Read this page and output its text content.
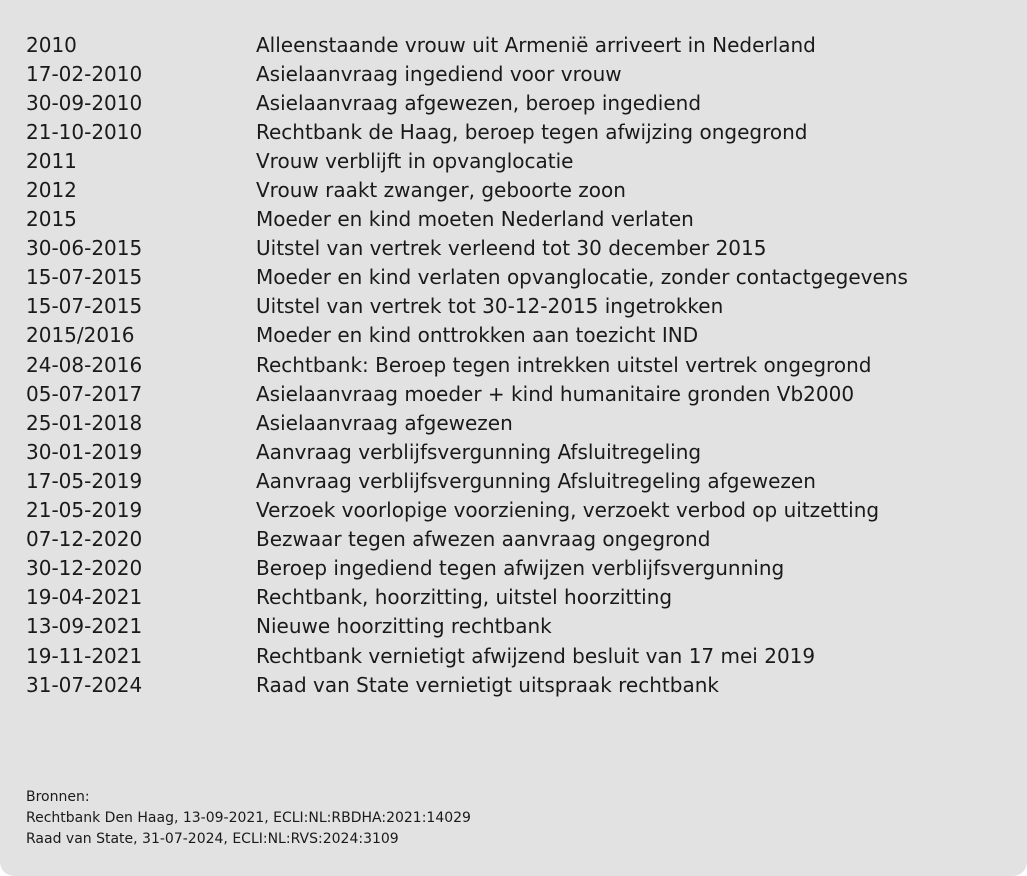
2010	Alleenstaande vrouw uit Armenië arriveert in Nederland
17-02-2010	Asielaanvraag ingediend voor vrouw
30-09-2010	Asielaanvraag afgewezen, beroep ingediend
21-10-2010	Rechtbank de Haag, beroep tegen afwijzing ongegrond
2011	Vrouw verblijft in opvanglocatie
2012	Vrouw raakt zwanger, geboorte zoon
2015	Moeder en kind moeten Nederland verlaten
30-06-2015	Uitstel van vertrek verleend tot 30 december 2015
15-07-2015	Moeder en kind verlaten opvanglocatie, zonder contactgegevens
15-07-2015	Uitstel van vertrek tot 30-12-2015 ingetrokken
2015/2016	Moeder en kind onttrokken aan toezicht IND
24-08-2016	Rechtbank: Beroep tegen intrekken uitstel vertrek ongegrond
05-07-2017	Asielaanvraag moeder + kind humanitaire gronden Vb2000
25-01-2018	Asielaanvraag afgewezen
30-01-2019	Aanvraag verblijfsvergunning Afsluitregeling
17-05-2019	Aanvraag verblijfsvergunning Afsluitregeling afgewezen
21-05-2019	Verzoek voorlopige voorziening, verzoekt verbod op uitzetting
07-12-2020	Bezwaar tegen afwezen aanvraag ongegrond
30-12-2020	Beroep ingediend tegen afwijzen verblijfsvergunning
19-04-2021	Rechtbank, hoorzitting, uitstel hoorzitting
13-09-2021	Nieuwe hoorzitting rechtbank
19-11-2021	Rechtbank vernietigt afwijzend besluit van 17 mei 2019
31-07-2024	Raad van State vernietigt uitspraak rechtbank
Bronnen:
Rechtbank Den Haag, 13-09-2021, ECLI:NL:RBDHA:2021:14029
Raad van State, 31-07-2024, ECLI:NL:RVS:2024:3109
